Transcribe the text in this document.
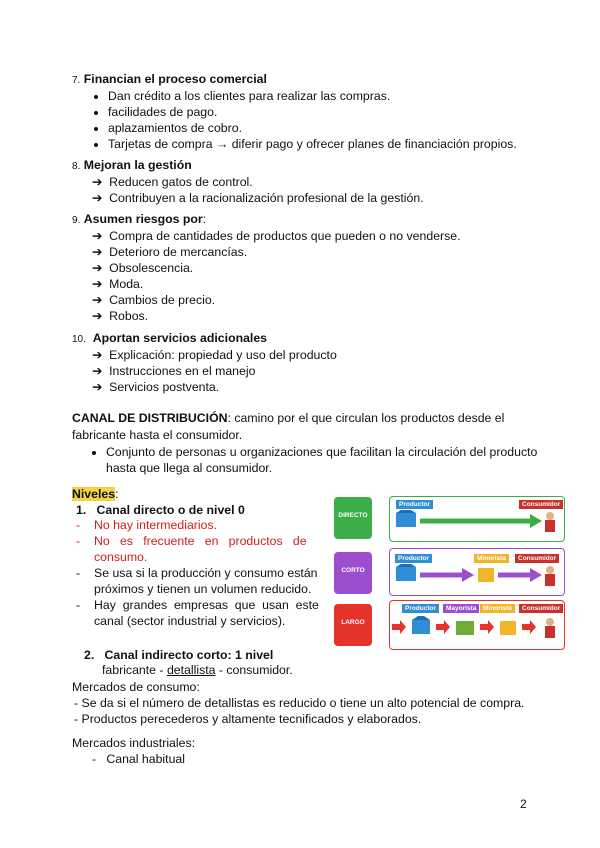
7. Financian el proceso comercial
Dan crédito a los clientes para realizar las compras.
facilidades de pago.
aplazamientos de cobro.
Tarjetas de compra → diferir pago y ofrecer planes de financiación propios.
8. Mejoran la gestión
➔  Reducen gatos de control.
➔  Contribuyen a la racionalización profesional de la gestión.
9. Asumen riesgos por:
➔  Compra de cantidades de productos que pueden o no venderse.
➔  Deterioro de mercancías.
➔  Obsolescencia.
➔  Moda.
➔  Cambios de precio.
➔  Robos.
10. Aportan servicios adicionales
➔  Explicación: propiedad y uso del producto
➔  Instrucciones en el manejo
➔  Servicios postventa.
CANAL DE DISTRIBUCIÓN: camino por el que circulan los productos desde el
fabricante hasta el consumidor.
Conjunto de personas u organizaciones que facilitan la circulación del producto
hasta que llega al consumidor.
Niveles:
1. Canal directo o de nivel 0
- No hay intermediarios.
- No   es   frecuente   en   productos   de
consumo.
- Se usa si la producción y consumo están
próximos y tienen un volumen reducido.
- Hay  grandes  empresas  que  usan  este
canal (sector industrial y servicios).
2. Canal indirecto corto: 1 nivel
fabricante - detallista - consumidor.
Mercados de consumo:
- Se da si el número de detallistas es reducido o tiene un alto potencial de compra.
- Productos perecederos y altamente tecnificados y elaborados.
Mercados industriales:
- Canal habitual
2
DIRECTO
Productor	Consumidor
CORTO
Productor	Minorista	Consumidor
LARGO
Productor	Mayorista	Minorista	Consumidor
